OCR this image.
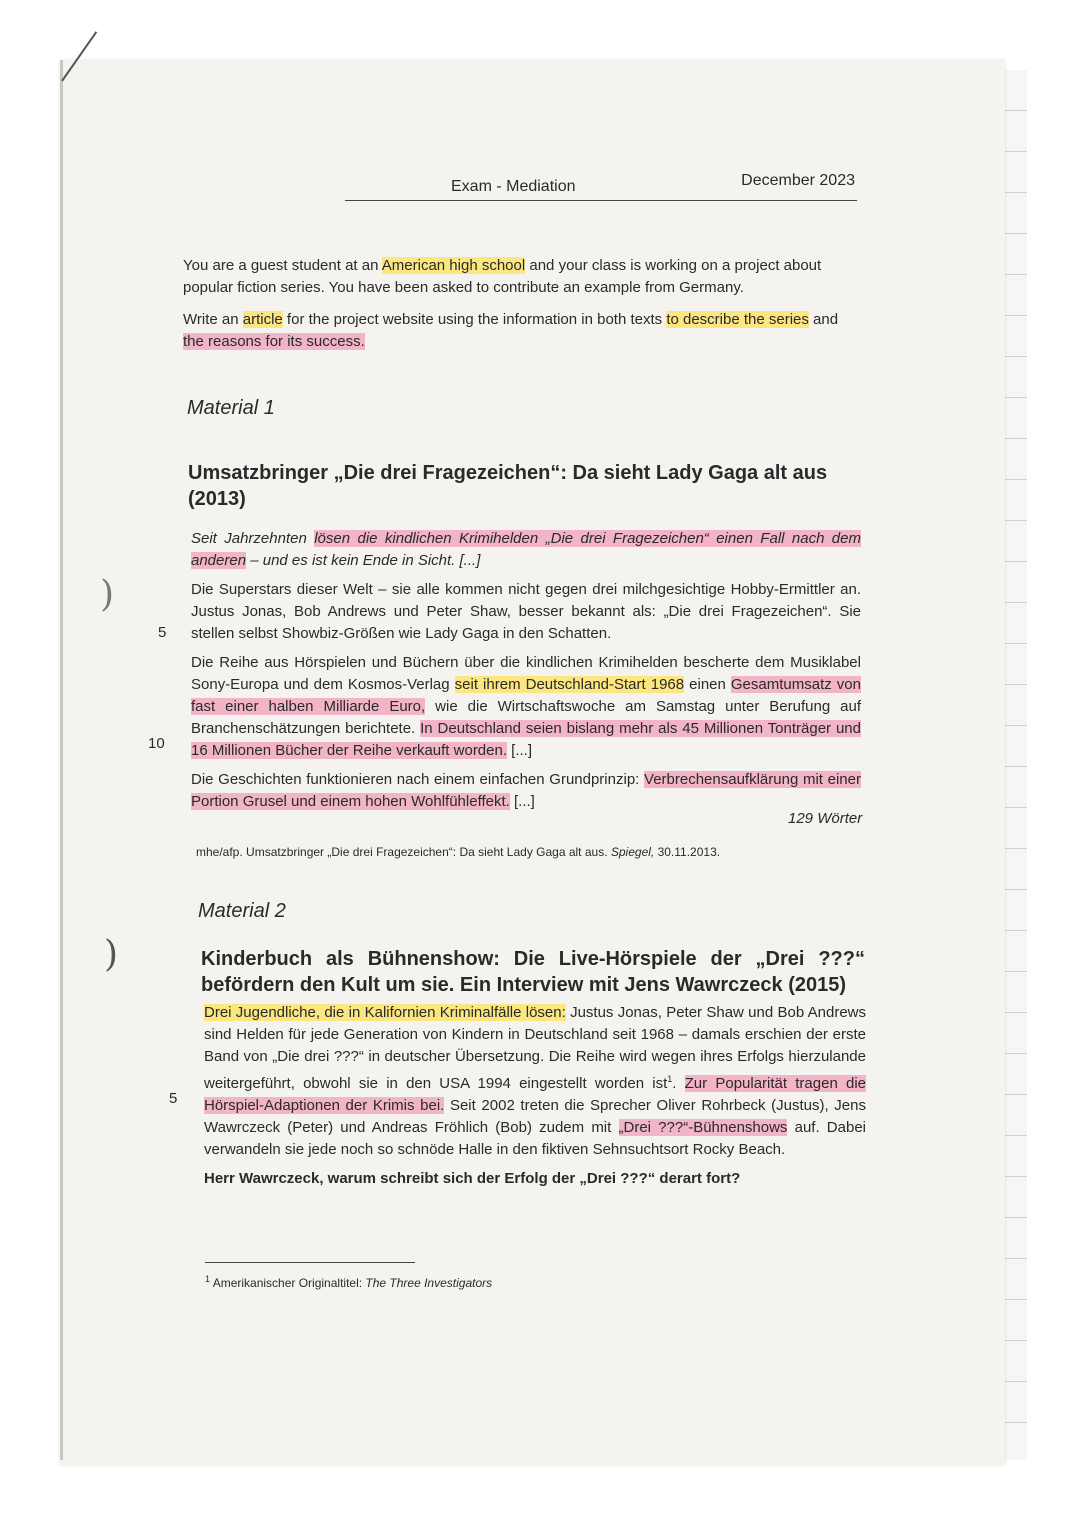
)
)
Exam - Mediation	December 2023

You are a guest student at an American high school and your class is working on a project about popular fiction series. You have been asked to contribute an example from Germany.

Write an article for the project website using the information in both texts to describe the series and the reasons for its success.

Material 1
Umsatzbringer „Die drei Fragezeichen“: Da sieht Lady Gaga alt aus (2013)

Seit Jahrzehnten lösen die kindlichen Krimihelden „Die drei Fragezeichen“ einen Fall nach dem anderen – und es ist kein Ende in Sicht. [...]

Die Superstars dieser Welt – sie alle kommen nicht gegen drei milchgesichtige Hobby-Ermittler an. Justus Jonas, Bob Andrews und Peter Shaw, besser bekannt als: „Die drei Fragezeichen“. Sie stellen selbst Showbiz-Größen wie Lady Gaga in den Schatten.

Die Reihe aus Hörspielen und Büchern über die kindlichen Krimihelden bescherte dem Musiklabel Sony-Europa und dem Kosmos-Verlag seit ihrem Deutschland-Start 1968 einen Gesamtumsatz von fast einer halben Milliarde Euro, wie die Wirtschaftswoche am Samstag unter Berufung auf Branchenschätzungen berichtete. In Deutschland seien bislang mehr als 45 Millionen Tonträger und 16 Millionen Bücher der Reihe verkauft worden. [...]

Die Geschichten funktionieren nach einem einfachen Grundprinzip: Verbrechensaufklärung mit einer Portion Grusel und einem hohen Wohlfühleffekt. [...]

5
10
129 Wörter
mhe/afp. Umsatzbringer „Die drei Fragezeichen“: Da sieht Lady Gaga alt aus. Spiegel, 30.11.2013.
Material 2
Kinderbuch als Bühnenshow: Die Live-Hörspiele der „Drei ???“ befördern den Kult um sie. Ein Interview mit Jens Wawrczeck (2015)

Drei Jugendliche, die in Kalifornien Kriminalfälle lösen: Justus Jonas, Peter Shaw und Bob Andrews sind Helden für jede Generation von Kindern in Deutschland seit 1968 – damals erschien der erste Band von „Die drei ???“ in deutscher Übersetzung. Die Reihe wird wegen ihres Erfolgs hierzulande weitergeführt, obwohl sie in den USA 1994 eingestellt worden ist$^1$. Zur Popularität tragen die Hörspiel-Adaptionen der Krimis bei. Seit 2002 treten die Sprecher Oliver Rohrbeck (Justus), Jens Wawrczeck (Peter) und Andreas Fröhlich (Bob) zudem mit „Drei ???“-Bühnenshows auf. Dabei verwandeln sie jede noch so schnöde Halle in den fiktiven Sehnsuchtsort Rocky Beach.

Herr Wawrczeck, warum schreibt sich der Erfolg der „Drei ???“ derart fort?

5
$^1$ Amerikanischer Originaltitel: The Three Investigators
